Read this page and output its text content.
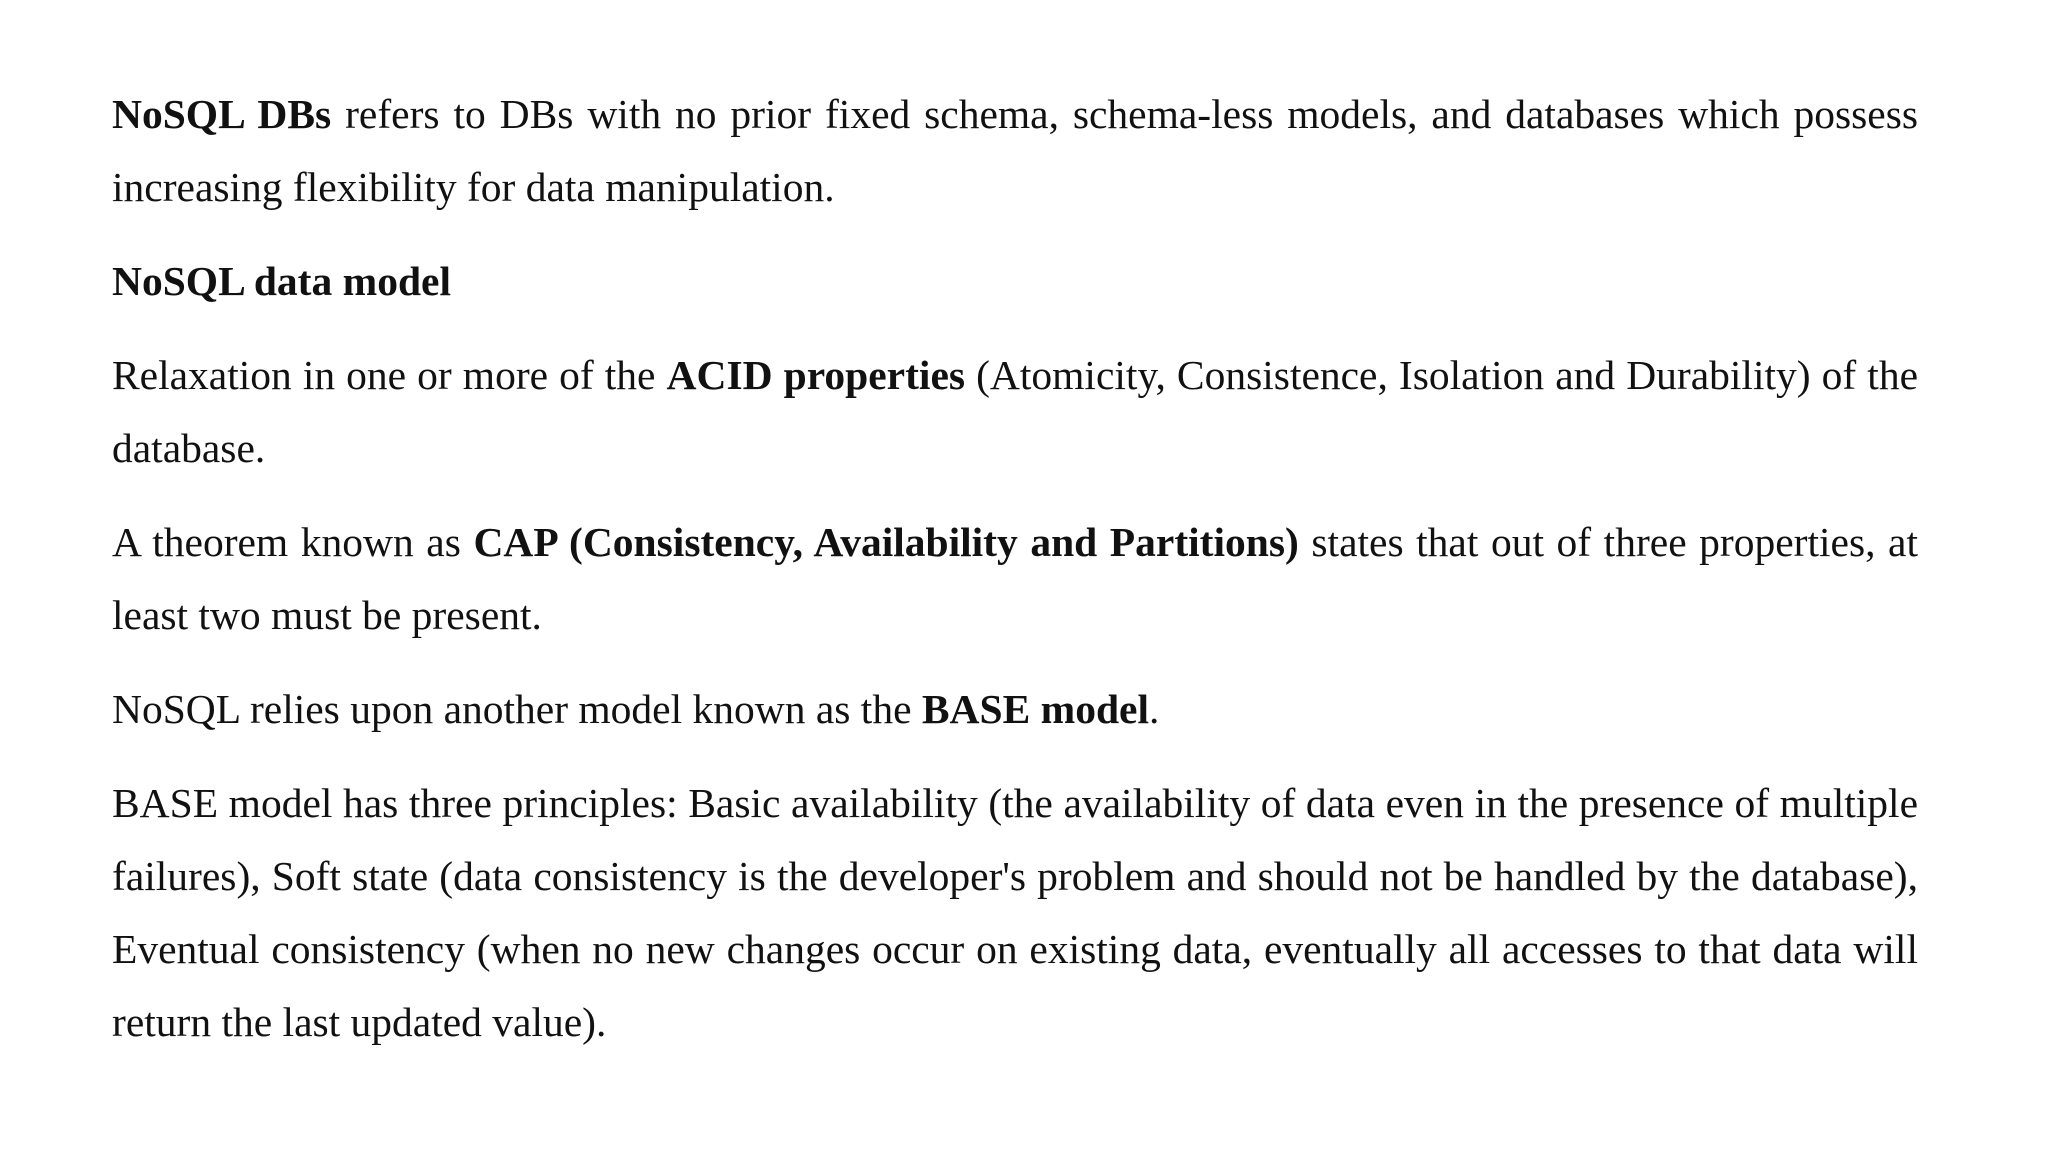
NoSQL DBs refers to DBs with no prior fixed schema, schema-less models, and databases which possess increasing flexibility for data manipulation.

NoSQL data model

Relaxation in one or more of the ACID properties (Atomicity, Consistence, Isolation and Durability) of the database.

A theorem known as CAP (Consistency, Availability and Partitions) states that out of three properties, at least two must be present.

NoSQL relies upon another model known as the BASE model.

BASE model has three principles: Basic availability (the availability of data even in the presence of multiple failures), Soft state (data consistency is the developer's problem and should not be handled by the database), Eventual consistency (when no new changes occur on existing data, eventually all accesses to that data will return the last updated value).
